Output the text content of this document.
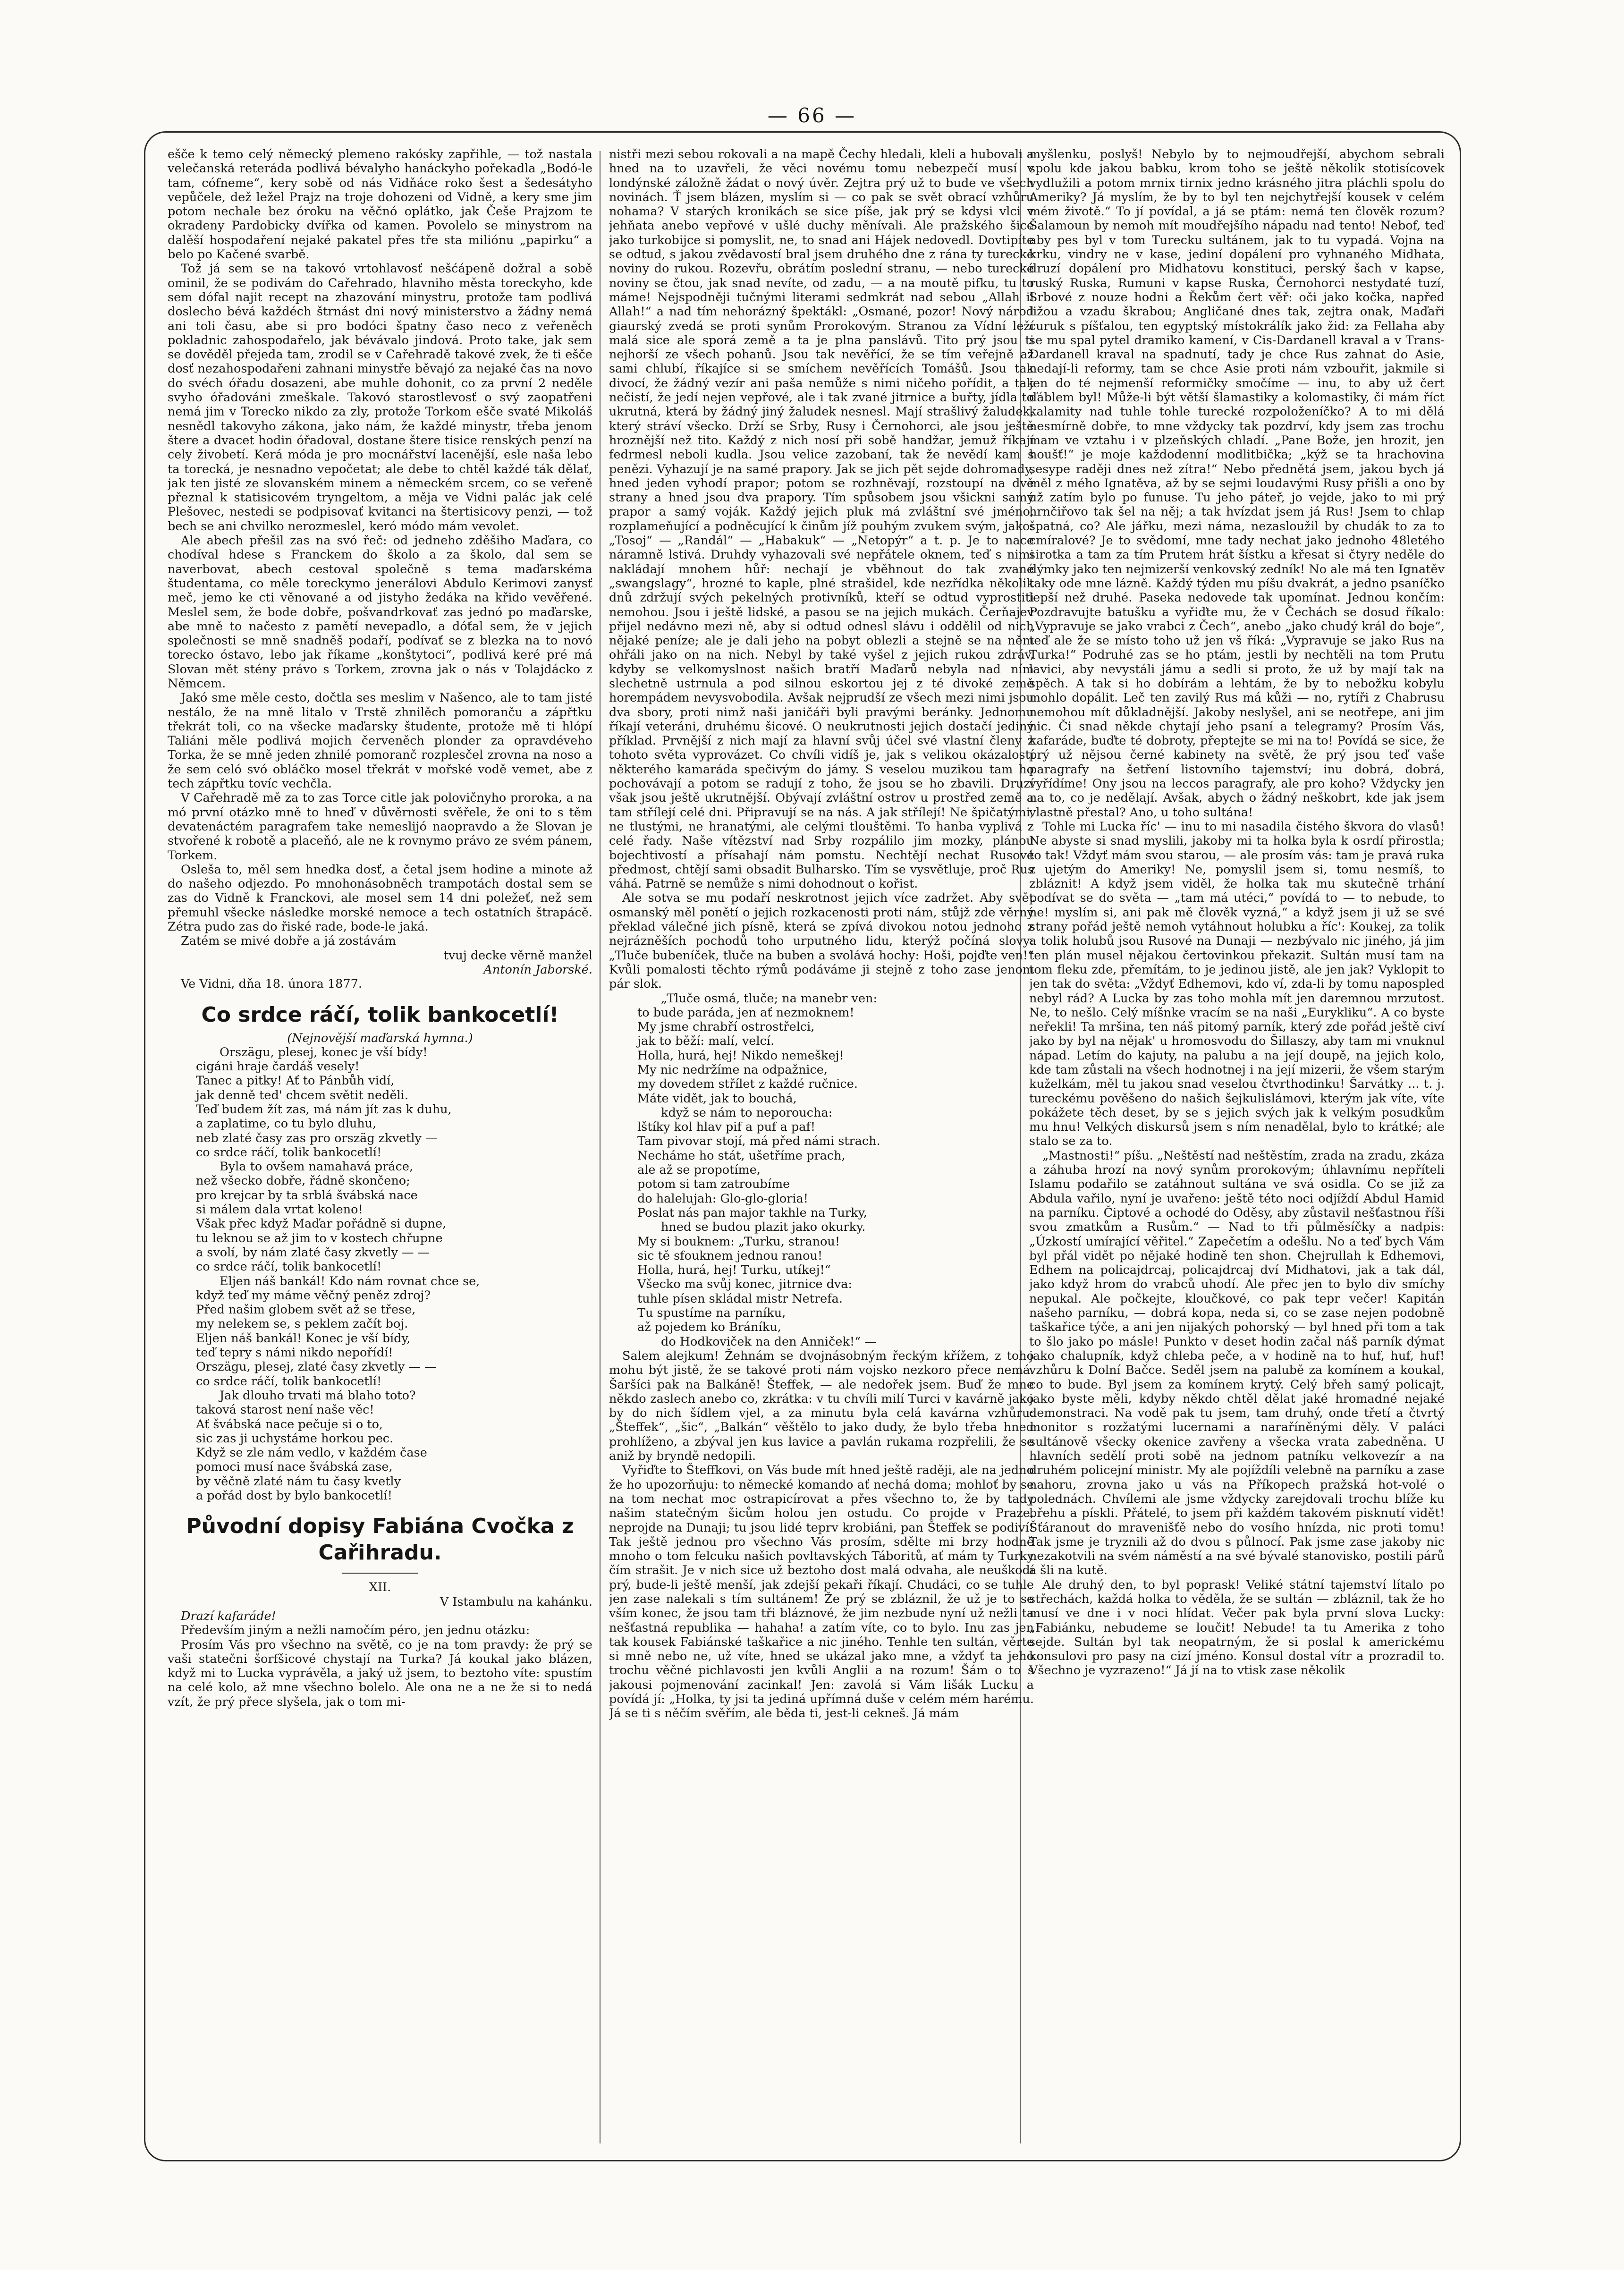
— 66 —

ešče k temo celý německý plemeno rakósky zapřihle, — tož nastala velečanská reteráda podlivá bévalyho hanáckyho pořekadla „Bodó-le tam, cófneme“, kery sobě od nás Vidňáce roko šest a šedesátyho vepůčele, dež ležel Prajz na troje dohozeni od Vidně, a kery sme jim potom nechale bez óroku na věčnó oplátko, jak Češe Prajzom te okradeny Pardobicky dvířka od kamen. Povolelo se minystrom na dalěší hospodaření nejaké pakatel přes tře sta miliónu „papirku“ a belo po Kačené svarbě.

Tož já sem se na takovó vrtohlavosť nešćápeně dožral a sobě ominil, že se podivám do Cařehrado, hlavniho města toreckyho, kde sem dófal najit recept na zhazování minystru, protože tam podlivá doslecho bévá každéch štrnást dni nový ministerstvo a žádny nemá ani toli času, abe si pro bodóci špatny časo neco z veřeněch pokladnic zahospodařelo, jak bévávalo jindová. Proto take, jak sem se dověděl přejeda tam, zrodil se v Cařehradě takové zvek, že ti ešče dosť nezahospodařeni zahnani minystře běvajó za nejaké čas na novo do svéch óřadu dosazeni, abe muhle dohonit, co za první 2 neděle svyho óřadováni zmeškale. Takovó starostlevosť o svý zaopatřeni nemá jim v Torecko nikdo za zly, protože Torkom ešče svaté Mikoláš nesnědl takovyho zákona, jako nám, že každé minystr, třeba jenom štere a dvacet hodin óřadoval, dostane štere tisice renských penzí na cely živobetí. Kerá móda je pro mocnářství lacenější, esle naša lebo ta torecká, je nesnadno vepočetat; ale debe to chtěl každé ták dělať, jak ten jisté ze slovanském minem a německém srcem, co se veřeně přeznal k statisicovém tryngeltom, a měja ve Vidni palác jak celé Plešovec, nestedi se podpisovať kvitanci na štertisicovy penzi, — tož bech se ani chvilko nerozmeslel, keró módo mám vevolet.

Ale abech přešil zas na svó řeč: od jedneho zděšiho Maďara, co chodíval hdese s Franckem do školo a za školo, dal sem se naverbovat, abech cestoval společně s tema maďarskéma študentama, co měle toreckymo jenerálovi Abdulo Kerimovi zanysť meč, jemo ke cti věnované a od jistyho žedáka na křido vevěřené. Meslel sem, že bode dobře, pošvandrkovať zas jednó po maďarske, abe mně to načesto z pamětí nevepadlo, a dóťal sem, že v jejich společnosti se mně snadněš podaří, podívať se z blezka na to novó torecko óstavo, lebo jak říkame „konštytoci“, podlivá keré pré má Slovan mět stény právo s Torkem, zrovna jak o nás v Tolajdácko z Němcem.

Jakó sme měle cesto, dočtla ses meslim v Našenco, ale to tam jisté nestálo, že na mně litalo v Trstě zhnilěch pomoranču a zápřtku třekrát toli, co na všecke maďarsky študente, protože mě ti hlópí Taliáni měle podlivá mojich červeněch plonder za opravdéveho Torka, že se mně jeden zhnilé pomoranč rozplesčel zrovna na noso a že sem celó svó obláčko mosel třekrát v mořské vodě vemet, abe z tech zápřtku tovíc vechčla.

V Cařehradě mě za to zas Torce citle jak polovičnyho proroka, a na mó první otázko mně to hneď v důvěrnosti svěřele, že oni to s těm devatenáctém paragrafem take nemeslijó naopravdo a že Slovan je stvořené k robotě a placeňó, ale ne k rovnymo právo ze svém pánem, Torkem.

Osleša to, měl sem hnedka dosť, a četal jsem hodine a minote až do našeho odjezdo. Po mnohonásobněch trampotách dostal sem se zas do Vidně k Franckovi, ale mosel sem 14 dni poležeť, než sem přemuhl všecke následke morské nemoce a tech ostatních štrapácě. Zétra pudo zas do řiské rade, bode-le jaká.

Zatém se mivé dobře a já zostávám

tvuj decke věrně manžel

Antonín Jaborské.

Ve Vidni, dňa 18. února 1877.

Co srdce ráčí, tolik bankocetlí!

(Nejnovější maďarská hymna.)

Orszägu, plesej, konec je vší bídy!

cigáni hraje čardáš vesely!

Tanec a pitky! Ať to Pánbůh vidí,

jak denně ted' chcem světit neděli.

Teď budem žít zas, má nám jít zas k duhu,

a zaplatime, co tu bylo dluhu,

neb zlaté časy zas pro orszäg zkvetly —

co srdce ráčí, tolik bankocetlí!

Byla to ovšem namahavá práce,

než všecko dobře, řádně skončeno;

pro krejcar by ta srblá švábská nace

si málem dala vrtat koleno!

Však přec když Maďar pořádně si dupne,

tu leknou se až jim to v kostech chřupne

a svolí, by nám zlaté časy zkvetly — —

co srdce ráčí, tolik bankocetlí!

Eljen náš bankál! Kdo nám rovnat chce se,

když teď my máme věčný peněz zdroj?

Před našim globem svět až se třese,

my nelekem se, s peklem začít boj.

Eljen náš bankál! Konec je vší bídy,

teď tepry s námi nikdo nepořídí!

Orszägu, plesej, zlaté časy zkvetly — —

co srdce ráčí, tolik bankocetlí!

Jak dlouho trvati má blaho toto?

taková starost není naše věc!

Ať švábská nace pečuje si o to,

sic zas ji uchystáme horkou pec.

Když se zle nám vedlo, v každém čase

pomoci musí nace švábská zase,

by věčně zlaté nám tu časy kvetly

a pořád dost by bylo bankocetlí!

Původní dopisy Fabiána Cvočka z Cařihradu.

XII.

V Istambulu na kahánku.

Drazí kafaráde!

Především jiným a nežli namočím péro, jen jednu otázku:

Prosím Vás pro všechno na světě, co je na tom pravdy: že prý se vaši statečni šorfšicové chystají na Turka? Já koukal jako blázen, když mi to Lucka vyprávěla, a jaký už jsem, to beztoho víte: spustím na celé kolo, až mne všechno bolelo. Ale ona ne a ne že si to nedá vzít, že prý přece slyšela, jak o tom mi-

nistři mezi sebou rokovali a na mapě Čechy hledali, kleli a hubovali a hned na to uzavřeli, že věci novému tomu nebezpečí musí v londýnské záložně žádat o nový úvěr. Zejtra prý už to bude ve všech novinách. Ť jsem blázen, myslím si — co pak se svět obrací vzhůru nohama? V starých kronikách se sice píše, jak prý se kdysi vlci v jehňata anebo vepřové v ušlé duchy měnívali. Ale pražského šice jako turkobijce si pomyslit, ne, to snad ani Hájek nedovedl. Dovtipíte se odtud, s jakou zvědavostí bral jsem druhého dne z rána ty turecké noviny do rukou. Rozevřu, obrátím poslední stranu, — nebo turecké noviny se čtou, jak snad nevíte, od zadu, — a na moutě pifku, tu to máme! Nejspodněji tučnými literami sedmkrát nad sebou „Allah il Allah!“ a nad tím nehorázný špektákl: „Osmané, pozor! Nový národ giaurský zvedá se proti synům Prorokovým. Stranou za Vídní leží malá sice ale sporá země a ta je plna panslávů. Tito prý jsou ti nejhorší ze všech pohanů. Jsou tak nevěřící, že se tím veřejně až sami chlubí, říkajíce si se smíchem nevěřících Tomášů. Jsou tak divocí, že žádný vezír ani paša nemůže s nimi ničeho pořídit, a tak nečistí, že jedí nejen vepřové, ale i tak zvané jitrnice a buřty, jídla to ukrutná, která by žádný jiný žaludek nesnesl. Mají strašlivý žaludek, který stráví všecko. Drží se Srby, Rusy i Černohorci, ale jsou ještě hroznější než tito. Každý z nich nosí při sobě handžar, jemuž říkají fedrmesl neboli kudla. Jsou velice zazobaní, tak že nevědí kam s penězi. Vyhazují je na samé prapory. Jak se jich pět sejde dohromady, hned jeden vyhodí prapor; potom se rozhněvají, rozstoupí na dvě strany a hned jsou dva prapory. Tím spůsobem jsou všickni samý prapor a samý voják. Každý jejich pluk má zvláštní své jméno, rozplameňující a podněcující k činům jíž pouhým zvukem svým, jako: „Tosoj“ — „Randál“ — „Habakuk“ — „Netopýr“ a t. p. Je to nace náramně lstivá. Druhdy vyhazovali své nepřátele oknem, teď s nimi nakládají mnohem hůř: nechají je vběhnout do tak zvané „swangslagy“, hrozné to kaple, plné strašidel, kde nezřídka několik dnů zdržují svých pekelných protivníků, kteří se odtud vyprostiti nemohou. Jsou i ještě lidské, a pasou se na jejich mukách. Čerňajev přijel nedávno mezi ně, aby si odtud odnesl slávu i oddělil od nich nějaké peníze; ale je dali jeho na pobyt oblezli a stejně se na něm ohřáli jako on na nich. Nebyl by také vyšel z jejich rukou zdráv, kdyby se velkomyslnost našich bratří Maďarů nebyla nad ním slechetně ustrnula a pod silnou eskortou jej z té divoké země horempádem nevysvobodila. Avšak nejprudší ze všech mezi nimi jsou dva sbory, proti nimž naši janičáři byli pravými beránky. Jednomu říkají veteráni, druhému šicové. O neukrutnosti jejich dostačí jediný příklad. Prvnější z nich mají za hlavní svůj účel své vlastní členy z tohoto světa vyprovázet. Co chvíli vidíš je, jak s velikou okázalostí některého kamaráda spečivým do jámy. S veselou muzikou tam ho pochovávají a potom se radují z toho, že jsou se ho zbavili. Druzí však jsou ještě ukrutnější. Obývají zvláštní ostrov u prostřed země a tam střílejí celé dni. Připravují se na nás. A jak střílejí! Ne špičatými, ne tlustými, ne hranatými, ale celými tlouštěmi. To hanba vyplivá z celé řady. Naše vítězství nad Srby rozpálilo jim mozky, plánou bojechtivostí a přísahají nám pomstu. Nechtějí nechat Rusové předmost, chtějí sami obsadit Bulharsko. Tím se vysvětluje, proč Rus váhá. Patrně se nemůže s nimi dohodnout o kořist.

Ale sotva se mu podaří neskrotnost jejich více zadržet. Aby svět osmanský měl ponětí o jejich rozkacenosti proti nám, stůjž zde věrný překlad válečné jich písně, která se zpívá divokou notou jednoho z nejrázněších pochodů toho urputného lidu, kterýž počíná slovy: „Tluče bubeníček, tluče na buben a svolává hochy: Hoši, pojďte ven!“ Kvůli pomalosti těchto rýmů podáváme ji stejně z toho zase jenom pár slok.

„Tluče osmá, tluče; na manebr ven:

to bude paráda, jen ať nezmoknem!

My jsme chrabří ostrostřelci,

jak to běží: malí, velcí.

Holla, hurá, hej! Nikdo nemeškej!

My nic nedržíme na odpažnice,

my dovedem střílet z každé ručnice.

Máte vidět, jak to bouchá,

když se nám to neporoucha:

lštíky kol hlav pif a puf a paf!

Tam pivovar stojí, má před námi strach.

Necháme ho stát, ušetříme prach,

ale až se propotíme,

potom si tam zatroubíme

do halelujah: Glo-glo-gloria!

Poslat nás pan major takhle na Turky,

hned se budou plazit jako okurky.

My si bouknem: „Turku, stranou!

sic tě sfouknem jednou ranou!

Holla, hurá, hej! Turku, utíkej!“

Všecko ma svůj konec, jitrnice dva:

tuhle písen skládal mistr Netrefa.

Tu spustíme na parníku,

až pojedem ko Bráníku,

do Hodkoviček na den Anniček!“ —

Salem alejkum! Žehnám se dvojnásobným řeckým křížem, z toho mohu být jistě, že se takové proti nám vojsko nezkoro přece nemá. Šaršíci pak na Balkáně! Šteffek, — ale nedořek jsem. Buď že mne někdo zaslech anebo co, zkrátka: v tu chvíli milí Turci v kavárně jako by do nich šídlem vjel, a za minutu byla celá kavárna vzhůru: „Šteffek“, „šic“, „Balkán“ věštělo to jako dudy, že bylo třeba hned prohlíženo, a zbýval jen kus lavice a pavlán rukama rozpřelili, že se aniž by bryndě nedopili.

Vyřiďte to Šteffkovi, on Vás bude mít hned ještě raději, ale na jedno že ho upozorňuju: to německé komando ať nechá doma; mohloť by se na tom nechat moc ostrapicírovat a přes všechno to, že by tady našim statečným šicům holou jen ostudu. Co projde v Praze, neprojde na Dunaji; tu jsou lidé teprv krobiáni, pan Šteffek se podiví! Tak ještě jednou pro všechno Vás prosím, sdělte mi brzy hodně mnoho o tom felcuku našich povltavských Táboritů, ať mám ty Turky čím strašit. Je v nich sice už beztoho dost malá odvaha, ale neuškodí prý, bude-li ještě menší, jak zdejší pekaři říkají. Chudáci, co se tuhle jen zase nalekali s tím sultánem! Že prý se zbláznil, že už je to se vším konec, že jsou tam tři bláznové, že jim nezbude nyní už nežli ta nešťastná republika — hahaha! a zatím víte, co to bylo. Inu zas jen tak kousek Fabiánské taškařice a nic jiného. Tenhle ten sultán, věrte si mně nebo ne, už víte, hned se ukázal jako mne, a vždyť ta jeho trochu věčné pichlavosti jen kvůli Anglii a na rozum! Šám o to s jakousi pojmenování zacinkal! Jen: zavolá si Vám lišák Lucku a povídá jí: „Holka, ty jsi ta jediná upřímná duše v celém mém harému. Já se ti s něčím svěřím, ale běda ti, jest-li cekneš. Já mám

myšlenku, poslyš! Nebylo by to nejmoudřejší, abychom sebrali spolu kde jakou babku, krom toho se ještě několik stotisícovek vydlužili a potom mrnix tirnix jedno krásného jitra pláchli spolu do Ameriky? Já myslím, že by to byl ten nejchytřejší kousek v celém mém životě.“ To jí povídal, a já se ptám: nemá ten člověk rozum? Šalamoun by nemoh mít moudřejšího nápadu nad tento! Nebof, teď aby pes byl v tom Turecku sultánem, jak to tu vypadá. Vojna na krku, vindry ne v kase, jediní dopálení pro vyhnaného Midhata, druzí dopálení pro Midhatovu konstituci, perský šach v kapse, ruský Ruska, Rumuni v kapse Ruska, Černohorci nestydaté tuzí, Srbové z nouze hodni a Řekům čert věř: oči jako kočka, napřed ližou a vzadu škrabou; Angličané dnes tak, zejtra onak, Maďaři curuk s píšťalou, ten egyptský místokrálík jako žid: za Fellaha aby se mu spal pytel dramiko kamení, v Cis-Dardanell kraval a v Trans-Dardanell kraval na spadnutí, tady je chce Rus zahnat do Asie, nedají-li reformy, tam se chce Asie proti nám vzbouřit, jakmile si jen do té nejmenší reformičky smočíme — inu, to aby už čert ďáblem byl! Může-li být větší šlamastiky a kolomastiky, či mám říct kalamity nad tuhle tohle turecké rozpoloženíčko? A to mi dělá nesmírně dobře, to mne vždycky tak pozdrví, kdy jsem zas trochu mam ve vztahu i v plzeňských chladí. „Pane Bože, jen hrozit, jen houšť!“ je moje každodenní modlitbička; „kýž se ta hrachovina sesype raději dnes než zítra!“ Nebo přednětá jsem, jakou bych já měl z mého Ignatěva, až by se sejmi loudavými Rusy přišli a ono by už zatím bylo po funuse. Tu jeho páteř, jo vejde, jako to mi prý hrnčiřovo tak šel na něj; a tak hvízdat jsem já Rus! Jsem to chlap špatná, co? Ale jářku, mezi náma, nezasloužil by chudák to za to cmíralové? Je to svědomí, mne tady nechat jako jednoho 48letého sirotka a tam za tím Prutem hrát šístku a křesat si čtyry neděle do dýmky jako ten nejmizerší venkovský zedník! No ale má ten Ignatěv taky ode mne lázně. Každý týden mu píšu dvakrát, a jedno psaníčko lepší než druhé. Paseka nedovede tak upomínat. Jednou končím: Pozdravujte batušku a vyřiďte mu, že v Čechách se dosud říkalo: „Vypravuje se jako vrabci z Čech“, anebo „jako chudý král do boje“, teď ale že se místo toho už jen vš říká: „Vypravuje se jako Rus na Turka!“ Podruhé zas se ho ptám, jestli by nechtěli na tom Prutu lavici, aby nevystáli jámu a sedli si proto, že už by mají tak na spěch. A tak si ho dobírám a lehtám, že by to nebožku kobylu mohlo dopálit. Leč ten zavilý Rus má kůži — no, rytíři z Chabrusu nemohou mít důkladnější. Jakoby neslyšel, ani se neotřepe, ani jim nic. Či snad někde chytají jeho psaní a telegramy? Prosím Vás, kafaráde, buďte té dobroty, přeptejte se mi na to! Povídá se sice, že prý už nějsou černé kabinety na světě, že prý jsou teď vaše paragrafy na šetření listovního tajemství; inu dobrá, dobrá, vyřídíme! Ony jsou na leccos paragrafy, ale pro koho? Vždycky jen na to, co je nedělají. Avšak, abych o žádný neškobrt, kde jak jsem vlastně přestal? Ano, u toho sultána!

Tohle mi Lucka říc' — inu to mi nasadila čistého škvora do vlasů! Ne abyste si snad myslili, jakoby mi ta holka byla k osrdí přirostla; to tak! Vždyť mám svou starou, — ale prosím vás: tam je pravá ruka z ujetým do Ameriky! Ne, pomyslil jsem si, tomu nesmíš, to zbláznit! A když jsem viděl, že holka tak mu skutečně trhání podívat se do světa — „tam má utéci,“ povídá to — to nebude, to ne! myslím si, ani pak mě člověk vyzná,“ a když jsem ji už se své strany pořád ještě nemoh vytáhnout holubku a říc': Koukej, za tolik a tolik holubů jsou Rusové na Dunaji — nezbývalo nic jiného, já jim ten plán musel nějakou čertovinkou překazit. Sultán musí tam na tom fleku zde, přemítám, to je jedinou jistě, ale jen jak? Vyklopit to jen tak do světa: „Vždyť Edhemovi, kdo ví, zda-li by tomu napospled nebyl rád? A Lucka by zas toho mohla mít jen daremnou mrzutost. Ne, to nešlo. Celý míšnke vracím se na naši „Eurykliku“. A co byste neřekli! Ta mršina, ten náš pitomý parník, který zde pořád ještě civí jako by byl na nějak' u hromosvodu do Šillaszy, aby tam mi vnuknul nápad. Letím do kajuty, na palubu a na její doupě, na jejich kolo, kde tam zůstali na všech hodnotnej i na její mizerii, že všem starým kuželkám, měl tu jakou snad veselou čtvrthodinku! Šarvátky ... t. j. tureckému pověšeno do našich šejkulislámovi, kterým jak víte, víte pokážete těch deset, by se s jejich svých jak k velkým posudkům mu hnu! Velkých diskursů jsem s ním nenadělal, bylo to krátké; ale stalo se za to.

„Mastnosti!“ píšu. „Neštěstí nad neštěstím, zrada na zradu, zkáza a záhuba hrozí na nový synům prorokovým; úhlavnímu nepříteli Islamu podařilo se zatáhnout sultána ve svá osidla. Co se již za Abdula vařilo, nyní je uvařeno: ještě této noci odjíždí Abdul Hamid na parníku. Čiptové a ochodé do Oděsy, aby zůstavil nešťastnou říši svou zmatkům a Rusům.“ — Nad to tři půlměsíčky a nadpis: „Úzkostí umírající věřitel.“ Zapečetím a odešlu. No a teď bych Vám byl přál vidět po nějaké hodině ten shon. Chejrullah k Edhemovi, Edhem na policajdrcaj, policajdrcaj dví Midhatovi, jak a tak dál, jako když hrom do vrabců uhodí. Ale přec jen to bylo div smíchy nepukal. Ale počkejte, kloučkové, co pak tepr večer! Kapitán našeho parníku, — dobrá kopa, neda si, co se zase nejen podobně taškařice týče, a ani jen nijakých pohorský — byl hned při tom a tak to šlo jako po másle! Punkto v deset hodin začal náš parník dýmat jako chalupník, když chleba peče, a v hodině na to huf, huf, huf! vzhůru k Dolní Bačce. Seděl jsem na palubě za komínem a koukal, co to bude. Byl jsem za komínem krytý. Celý břeh samý policajt, jako byste měli, kdyby někdo chtěl dělat jaké hromadné nejaké demonstraci. Na vodě pak tu jsem, tam druhý, onde třetí a čtvrtý monitor s rozžatými lucernami a naraříněnými děly. V paláci sultánově všecky okenice zavřeny a všecka vrata zabedněna. U hlavních sedělí proti sobě na jednom patníku velkovezír a na druhém policejní ministr. My ale pojíždíli velebně na parníku a zase nahoru, zrovna jako u vás na Příkopech pražská hot-volé o polednách. Chvílemi ale jsme vždycky zarejdovali trochu blíže ku břehu a pískli. Přátelé, to jsem při každém takovém pisknutí vidět! Šťáranout do mravenišťě nebo do vosího hnízda, nic proti tomu! Tak jsme je tryznili až do dvou s půlnocí. Pak jsme zase jakoby nic nezakotvili na svém náměstí a na své bývalé stanovisko, postili párů a šli na kutě.

Ale druhý den, to byl poprask! Veliké státní tajemství lítalo po střechách, každá holka to věděla, že se sultán — zbláznil, tak že ho musí ve dne i v noci hlídat. Večer pak byla první slova Lucky: „Fabiánku, nebudeme se loučit! Nebude! ta tu Amerika z toho sejde. Sultán byl tak neopatrným, že si poslal k americkému konsulovi pro pasy na cizí jméno. Konsul dostal vítr a prozradil to. Všechno je vyzrazeno!“ Já jí na to vtisk zase několik
